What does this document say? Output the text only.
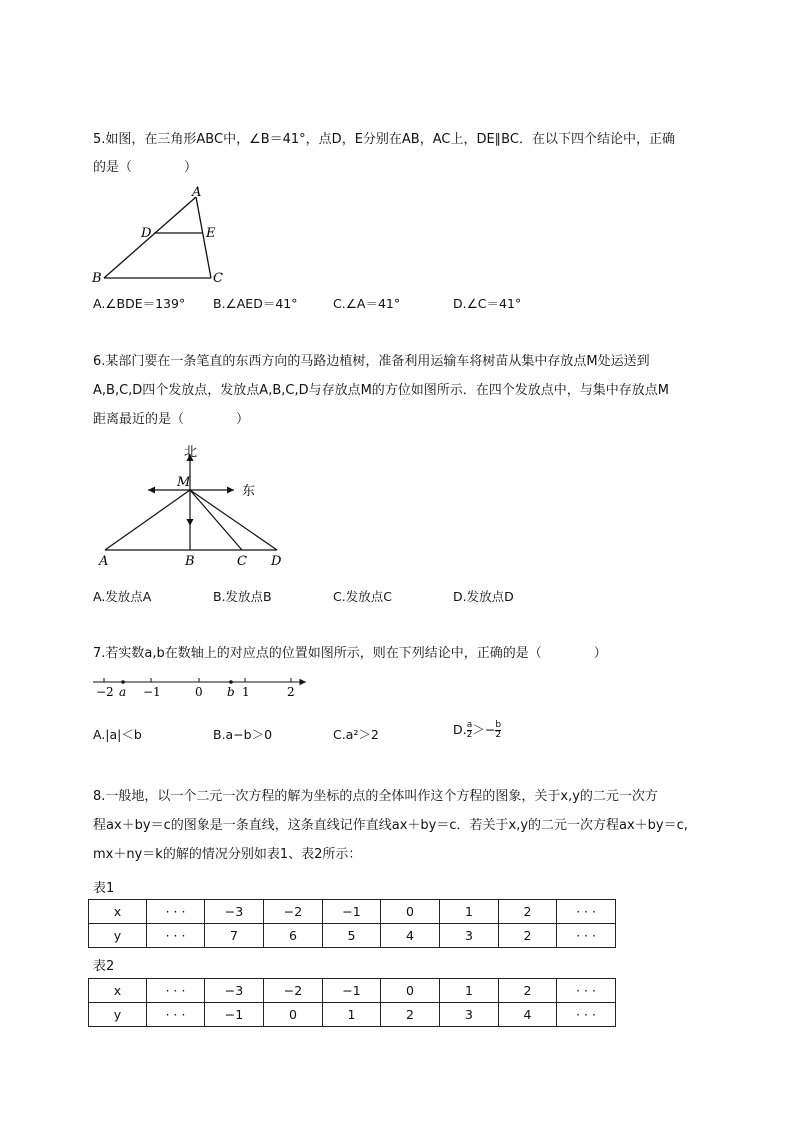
5.如图，在三角形ABC中，∠B＝41°，点D，E分别在AB，AC上，DE∥BC．在以下四个结论中，正确
的是（　　　　）
A
D	E
B	C
A.∠BDE＝139° B.∠AED＝41°	C.∠A＝41°	D.∠C＝41°
6.某部门要在一条笔直的东西方向的马路边植树，准备利用运输车将树苗从集中存放点M处运送到
A,B,C,D四个发放点，发放点A,B,C,D与存放点M的方位如图所示．在四个发放点中，与集中存放点M
距离最近的是（　　　　）
北
东
M
A	B	C D
A.发放点A	B.发放点B	C.发放点C	D.发放点D
7.若实数a,b在数轴上的对应点的位置如图所示，则在下列结论中，正确的是（　　　　）
−2 a −1	0 b 1	2
A.|a|＜b	B.a−b＞0	C.a²＞2	D. $\frac{a}{2} >- \frac{b}{2}$
8.一般地，以一个二元一次方程的解为坐标的点的全体叫作这个方程的图象，关于x,y的二元一次方
程ax＋by＝c的图象是一条直线，这条直线记作直线ax＋by＝c．若关于x,y的二元一次方程ax＋by＝c,
mx＋ny＝k的解的情况分别如表1、表2所示：
表1
x	· · ·	−3	−2	−1	0	1	2	· · ·
y	· · ·	7	6	5	4	3	2	· · ·
表2
x	· · ·	−3	−2	−1	0	1	2	· · ·
y	· · ·	−1	0	1	2	3	4	· · ·
